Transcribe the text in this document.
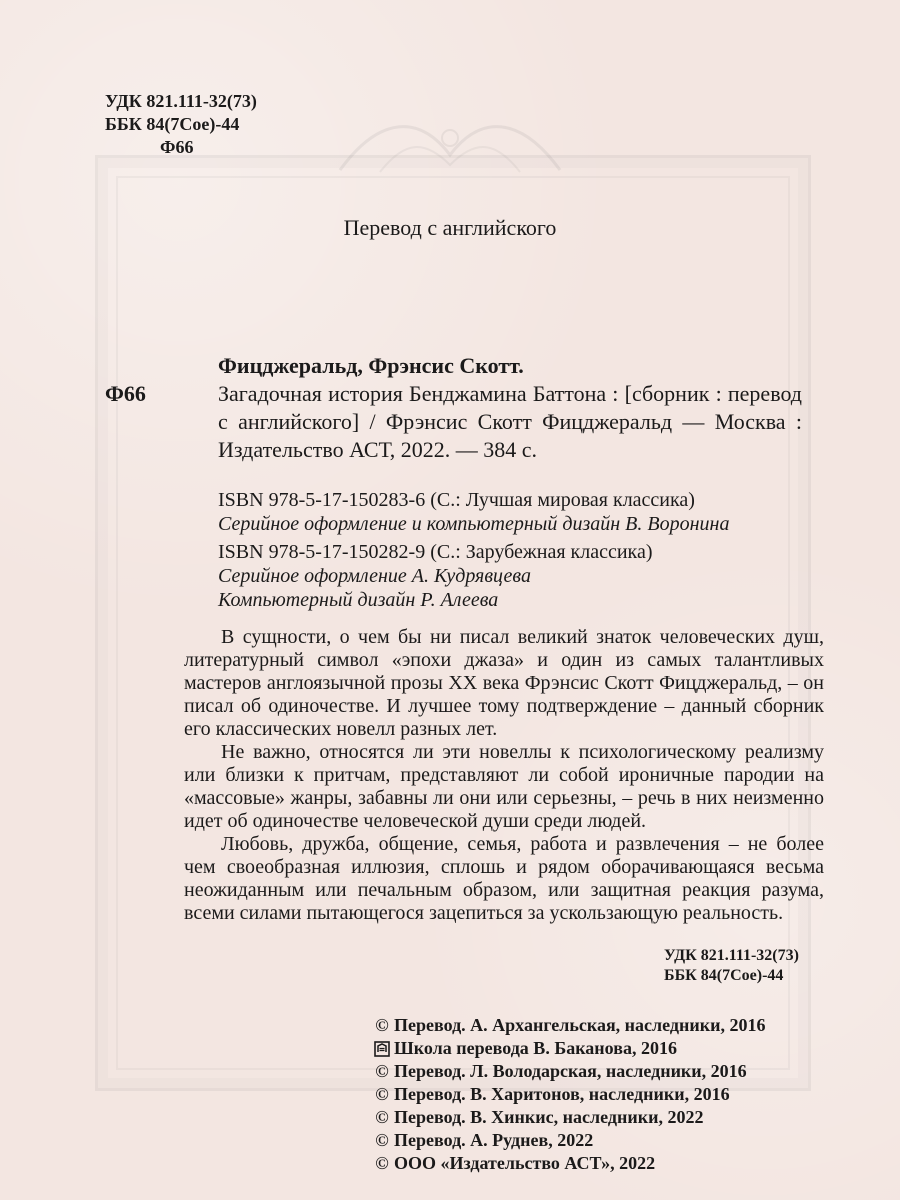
УДК 821.111-32(73)
ББК 84(7Сое)-44
Ф66
Перевод с английского
Ф66
Фицджеральд, Фрэнсис Скотт.
Загадочная история Бенджамина Баттона : [сборник : перевод с английского] / Фрэнсис Скотт Фицджеральд — Москва : Издательство АСТ, 2022. — 384 с.
ISBN 978-5-17-150283-6 (С.: Лучшая мировая классика)
Серийное оформление и компьютерный дизайн В. Воронина
ISBN 978-5-17-150282-9 (С.: Зарубежная классика)
Серийное оформление А. Кудрявцева
Компьютерный дизайн Р. Алеева

В сущности, о чем бы ни писал великий знаток человеческих душ, литературный символ «эпохи джаза» и один из самых талантливых мастеров англоязычной прозы XX века Фрэнсис Скотт Фицджеральд, – он писал об одиночестве. И лучшее тому подтверждение – данный сборник его классических новелл разных лет.

Не важно, относятся ли эти новеллы к психологическому реализму или близки к притчам, представляют ли собой ироничные пародии на «массовые» жанры, забавны ли они или серьезны, – речь в них неизменно идет об одиночестве человеческой души среди людей.

Любовь, дружба, общение, семья, работа и развлечения – не более чем своеобразная иллюзия, сплошь и рядом оборачивающаяся весьма неожиданным или печальным образом, или защитная реакция разума, всеми силами пытающегося зацепиться за ускользающую реальность.

УДК 821.111-32(73)
ББК 84(7Сое)-44
© Перевод. А. Архангельская, наследники, 2016
Школа перевода В. Баканова, 2016
© Перевод. Л. Володарская, наследники, 2016
© Перевод. В. Харитонов, наследники, 2016
© Перевод. В. Хинкис, наследники, 2022
© Перевод. А. Руднев, 2022
© ООО «Издательство АСТ», 2022
